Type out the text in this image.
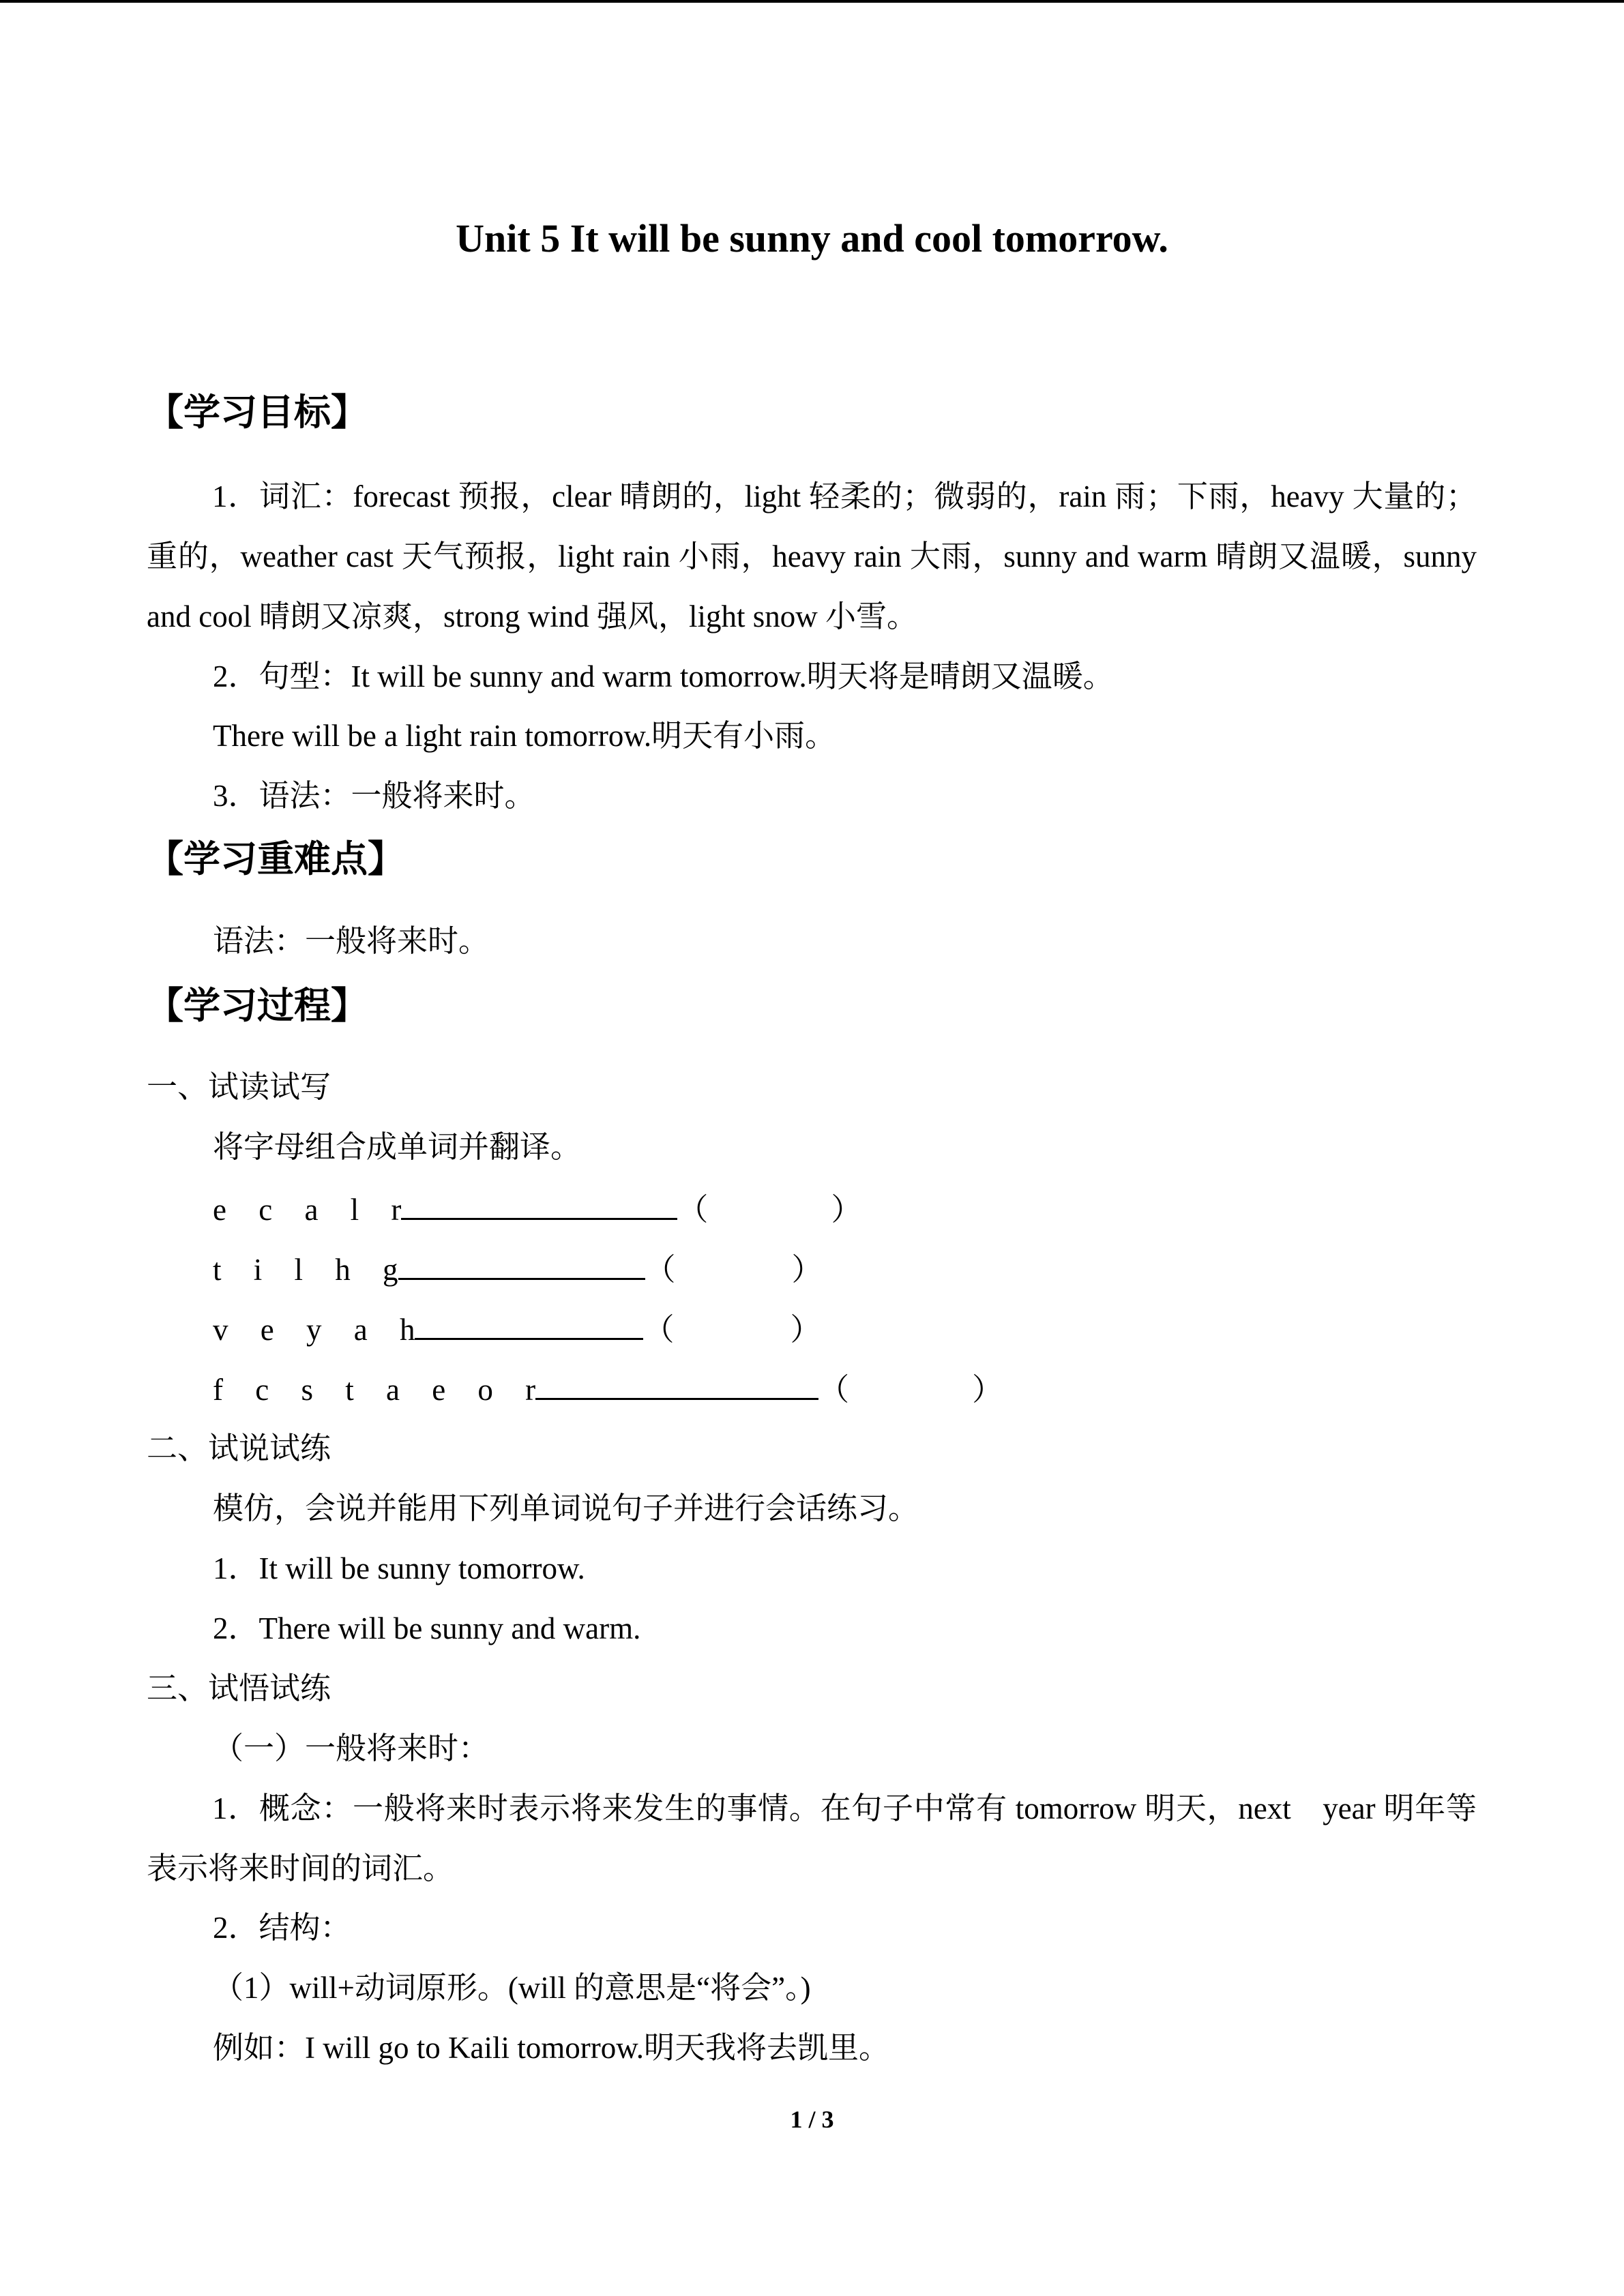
Unit 5 It will be sunny and cool tomorrow.
【学习目标】

1．词汇：forecast 预报，clear 晴朗的，light 轻柔的；微弱的，rain 雨；下雨，heavy 大量的；重的，weather cast 天气预报，light rain 小雨，heavy rain 大雨，sunny and warm 晴朗又温暖，sunny and cool 晴朗又凉爽，strong wind 强风，light snow 小雪。

2．句型：It will be sunny and warm tomorrow.明天将是晴朗又温暖。
There will be a light rain tomorrow.明天有小雨。
3．语法：一般将来时。
【学习重难点】
语法：一般将来时。
【学习过程】
一、试读试写
将字母组合成单词并翻译。
e c a l r	（	）
t i l h g	（	）
v e y a h	（	）
f c s t a e o r	（	）
二、试说试练
模仿，会说并能用下列单词说句子并进行会话练习。
1．It will be sunny tomorrow.
2．There will be sunny and warm.
三、试悟试练
（一）一般将来时：

1．概念：一般将来时表示将来发生的事情。在句子中常有 tomorrow 明天，next　year 明年等表示将来时间的词汇。

2．结构：
（1）will+动词原形。(will 的意思是“将会”。)
例如：I will go to Kaili tomorrow.明天我将去凯里。
1 / 3
